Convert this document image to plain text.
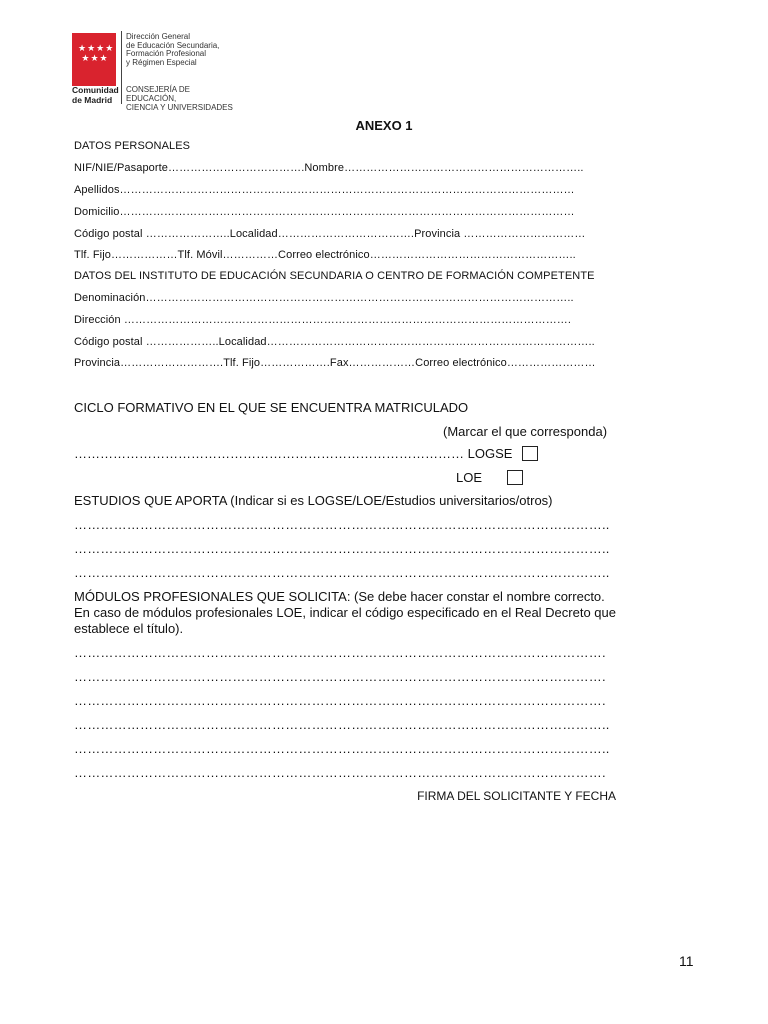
★★★★ ★★★
Comunidad
de Madrid
Dirección General
de Educación Secundaria,
Formación Profesional
y Régimen Especial
CONSEJERÍA DE EDUCACIÓN,
CIENCIA Y UNIVERSIDADES
ANEXO 1
DATOS PERSONALES
NIF/NIE/Pasaporte……………………………….Nombre………………………………………………………..
Apellidos……………………………………………………………………………………………………………
Domicilio……………………………………………………………………………………………………………
Código postal …………………..Localidad……………………………….Provincia ……………………………
Tlf. Fijo………………Tlf. Móvil……………Correo electrónico………………………………………………..
DATOS DEL INSTITUTO DE EDUCACIÓN SECUNDARIA O CENTRO DE FORMACIÓN COMPETENTE
Denominación……………………………………………………………………………………………………..
Dirección ………………………………………………………………………………………………………….
Código postal ………………..Localidad……………………………………………………………………………..
Provincia……………………….Tlf. Fijo……………….Fax………………Correo electrónico……………………
CICLO FORMATIVO EN EL QUE SE ENCUENTRA MATRICULADO
(Marcar el que corresponda)
……………………………………………………………………………… LOGSE
LOE
ESTUDIOS QUE APORTA (Indicar si es LOGSE/LOE/Estudios universitarios/otros)
…………………………………………………………………………………………………………..
…………………………………………………………………………………………………………..
…………………………………………………………………………………………………………..
MÓDULOS PROFESIONALES QUE SOLICITA: (Se debe hacer constar el nombre correcto. En caso de módulos profesionales LOE, indicar el código especificado en el Real Decreto que establece el título).
………………………………………………………………………………………………………….
………………………………………………………………………………………………………….
………………………………………………………………………………………………………….
…………………………………………………………………………………………………………..
…………………………………………………………………………………………………………..
………………………………………………………………………………………………………….
FIRMA DEL SOLICITANTE Y FECHA
11
